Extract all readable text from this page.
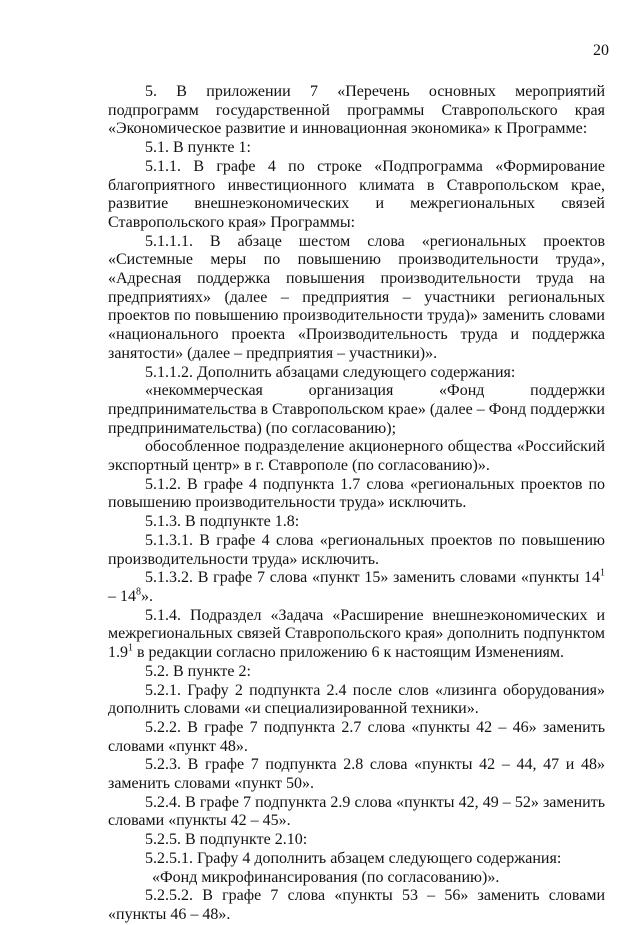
20

5. В приложении 7 «Перечень основных мероприятий подпрограмм государственной программы Ставропольского края «Экономическое развитие и инновационная экономика» к Программе:

5.1. В пункте 1:

5.1.1. В графе 4 по строке «Подпрограмма «Формирование благоприятного инвестиционного климата в Ставропольском крае, развитие внешнеэкономических и межрегиональных связей Ставропольского края» Программы:

5.1.1.1. В абзаце шестом слова «региональных проектов «Системные меры по повышению производительности труда», «Адресная поддержка повышения производительности труда на предприятиях» (далее – предприятия – участники региональных проектов по повышению производительности труда)» заменить словами «национального проекта «Производительность труда и поддержка занятости» (далее – предприятия – участники)».

5.1.1.2. Дополнить абзацами следующего содержания:

«некоммерческая организация «Фонд поддержки предпринимательства в Ставропольском крае» (далее – Фонд поддержки предпринимательства) (по согласованию);

обособленное подразделение акционерного общества «Российский экспортный центр» в г. Ставрополе (по согласованию)».

5.1.2. В графе 4 подпункта 1.7 слова «региональных проектов по повышению производительности труда» исключить.

5.1.3. В подпункте 1.8:

5.1.3.1. В графе 4 слова «региональных проектов по повышению производительности труда» исключить.

5.1.3.2. В графе 7 слова «пункт 15» заменить словами «пункты $14^1 - 14^8$».

5.1.4. Подраздел «Задача «Расширение внешнеэкономических и межрегиональных связей Ставропольского края» дополнить подпунктом $1.9^1$ в редакции согласно приложению 6 к настоящим Изменениям.

5.2. В пункте 2:

5.2.1. Графу 2 подпункта 2.4 после слов «лизинга оборудования» дополнить словами «и специализированной техники».

5.2.2. В графе 7 подпункта 2.7 слова «пункты 42 – 46» заменить словами «пункт 48».

5.2.3. В графе 7 подпункта 2.8 слова «пункты 42 – 44, 47 и 48» заменить словами «пункт 50».

5.2.4. В графе 7 подпункта 2.9 слова «пункты 42, 49 – 52» заменить словами «пункты 42 – 45».

5.2.5. В подпункте 2.10:

5.2.5.1. Графу 4 дополнить абзацем следующего содержания:

«Фонд микрофинансирования (по согласованию)».

5.2.5.2. В графе 7 слова «пункты 53 – 56» заменить словами «пункты 46 – 48».
